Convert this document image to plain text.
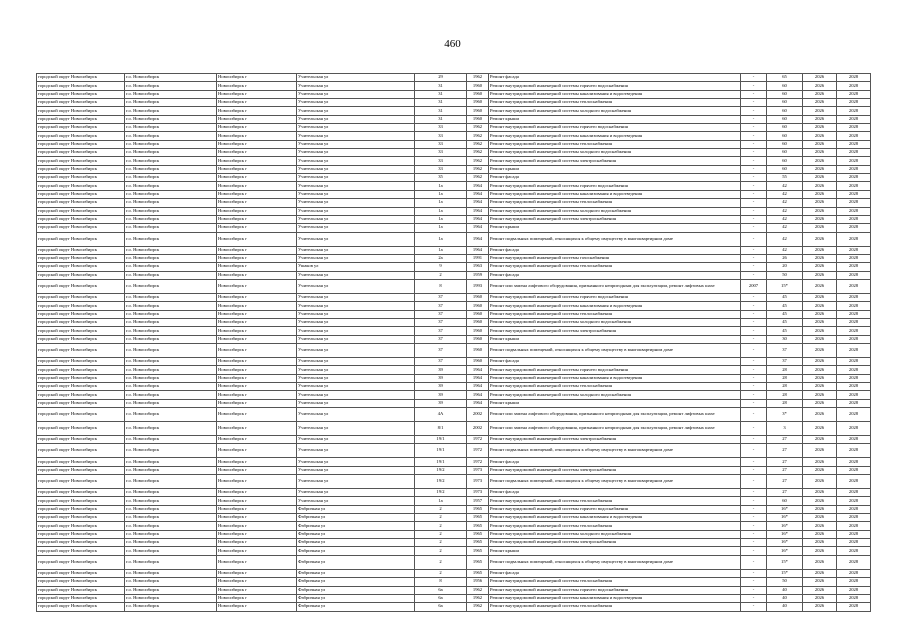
460
городской округ Новосибирск	г.о. Новосибирск	Новосибирск г	Учительская ул	29	1962	Ремонт фасада	-	65	2026	2028
городской округ Новосибирск	г.о. Новосибирск	Новосибирск г	Учительская ул	31	1960	Ремонт внутридомовой инженерной системы горячего водоснабжения	-	60	2026	2028
городской округ Новосибирск	г.о. Новосибирск	Новосибирск г	Учительская ул	31	1960	Ремонт внутридомовой инженерной системы канализования и водоотведения	-	60	2026	2028
городской округ Новосибирск	г.о. Новосибирск	Новосибирск г	Учительская ул	31	1960	Ремонт внутридомовой инженерной системы теплоснабжения	-	60	2026	2028
городской округ Новосибирск	г.о. Новосибирск	Новосибирск г	Учительская ул	31	1960	Ремонт внутридомовой инженерной системы холодного водоснабжения	-	60	2026	2028
городской округ Новосибирск	г.о. Новосибирск	Новосибирск г	Учительская ул	31	1960	Ремонт крыши	-	60	2026	2028
городской округ Новосибирск	г.о. Новосибирск	Новосибирск г	Учительская ул	33	1962	Ремонт внутридомовой инженерной системы горячего водоснабжения	-	60	2026	2028
городской округ Новосибирск	г.о. Новосибирск	Новосибирск г	Учительская ул	33	1962	Ремонт внутридомовой инженерной системы канализования и водоотведения	-	60	2026	2028
городской округ Новосибирск	г.о. Новосибирск	Новосибирск г	Учительская ул	33	1962	Ремонт внутридомовой инженерной системы теплоснабжения	-	60	2026	2028
городской округ Новосибирск	г.о. Новосибирск	Новосибирск г	Учительская ул	33	1962	Ремонт внутридомовой инженерной системы холодного водоснабжения	-	60	2026	2028
городской округ Новосибирск	г.о. Новосибирск	Новосибирск г	Учительская ул	33	1962	Ремонт внутридомовой инженерной системы электроснабжения	-	60	2026	2028
городской округ Новосибирск	г.о. Новосибирск	Новосибирск г	Учительская ул	33	1962	Ремонт крыши	-	60	2026	2028
городской округ Новосибирск	г.о. Новосибирск	Новосибирск г	Учительская ул	35	1962	Ремонт фасада	-	55	2026	2028
городской округ Новосибирск	г.о. Новосибирск	Новосибирск г	Учительская ул	1а	1964	Ремонт внутридомовой инженерной системы горячего водоснабжения	-	42	2026	2028
городской округ Новосибирск	г.о. Новосибирск	Новосибирск г	Учительская ул	1а	1964	Ремонт внутридомовой инженерной системы канализования и водоотведения	-	42	2026	2028
городской округ Новосибирск	г.о. Новосибирск	Новосибирск г	Учительская ул	1а	1964	Ремонт внутридомовой инженерной системы теплоснабжения	-	42	2026	2028
городской округ Новосибирск	г.о. Новосибирск	Новосибирск г	Учительская ул	1а	1964	Ремонт внутридомовой инженерной системы холодного водоснабжения	-	42	2026	2028
городской округ Новосибирск	г.о. Новосибирск	Новосибирск г	Учительская ул	1а	1964	Ремонт внутридомовой инженерной системы электроснабжения	-	42	2026	2028
городской округ Новосибирск	г.о. Новосибирск	Новосибирск г	Учительская ул	1а	1964	Ремонт крыши	-	42	2026	2028
городской округ Новосибирск	г.о. Новосибирск	Новосибирск г	Учительская ул	1а	1964	Ремонт подвальных помещений, относящихся к общему имуществу в многоквартирном доме	-	42	2026	2028
городской округ Новосибирск	г.о. Новосибирск	Новосибирск г	Учительская ул	1а	1964	Ремонт фасада	-	42	2026	2028
городской округ Новосибирск	г.о. Новосибирск	Новосибирск г	Учительская ул	2а	1991	Ремонт внутридомовой инженерной системы газоснабжения	-	26	2026	2028
городской округ Новосибирск	г.о. Новосибирск	Новосибирск г	Ушаков ул	9	1963	Ремонт внутридомовой инженерной системы теплоснабжения	-	20	2026	2028
городской округ Новосибирск	г.о. Новосибирск	Новосибирск г	Учительская ул	2	1959	Ремонт фасада	-	50	2026	2028
городской округ Новосибирск	г.о. Новосибирск	Новосибирск г	Учительская ул	8	1993	Ремонт или замена лифтового оборудования, признанного непригодным для эксплуатации, ремонт лифтовых шахт	2007	15*	2026	2028
городской округ Новосибирск	г.о. Новосибирск	Новосибирск г	Учительская ул	37	1960	Ремонт внутридомовой инженерной системы горячего водоснабжения	-	45	2026	2028
городской округ Новосибирск	г.о. Новосибирск	Новосибирск г	Учительская ул	37	1960	Ремонт внутридомовой инженерной системы канализования и водоотведения	-	45	2026	2028
городской округ Новосибирск	г.о. Новосибирск	Новосибирск г	Учительская ул	37	1960	Ремонт внутридомовой инженерной системы теплоснабжения	-	45	2026	2028
городской округ Новосибирск	г.о. Новосибирск	Новосибирск г	Учительская ул	37	1960	Ремонт внутридомовой инженерной системы холодного водоснабжения	-	45	2026	2028
городской округ Новосибирск	г.о. Новосибирск	Новосибирск г	Учительская ул	37	1960	Ремонт внутридомовой инженерной системы электроснабжения	-	45	2026	2028
городской округ Новосибирск	г.о. Новосибирск	Новосибирск г	Учительская ул	37	1960	Ремонт крыши	-	30	2026	2028
городской округ Новосибирск	г.о. Новосибирск	Новосибирск г	Учительская ул	37	1960	Ремонт подвальных помещений, относящихся к общему имуществу в многоквартирном доме	-	37	2026	2028
городской округ Новосибирск	г.о. Новосибирск	Новосибирск г	Учительская ул	37	1960	Ремонт фасада	-	37	2026	2028
городской округ Новосибирск	г.о. Новосибирск	Новосибирск г	Учительская ул	39	1964	Ремонт внутридомовой инженерной системы горячего водоснабжения	-	28	2026	2028
городской округ Новосибирск	г.о. Новосибирск	Новосибирск г	Учительская ул	39	1964	Ремонт внутридомовой инженерной системы канализования и водоотведения	-	28	2026	2028
городской округ Новосибирск	г.о. Новосибирск	Новосибирск г	Учительская ул	39	1964	Ремонт внутридомовой инженерной системы теплоснабжения	-	28	2026	2028
городской округ Новосибирск	г.о. Новосибирск	Новосибирск г	Учительская ул	39	1964	Ремонт внутридомовой инженерной системы холодного водоснабжения	-	28	2026	2028
городской округ Новосибирск	г.о. Новосибирск	Новосибирск г	Учительская ул	39	1964	Ремонт крыши	-	28	2026	2028
городской округ Новосибирск	г.о. Новосибирск	Новосибирск г	Учительская ул	4А	2002	Ремонт или замена лифтового оборудования, признанного непригодным для эксплуатации, ремонт лифтовых шахт	-	3*	2026	2028
городской округ Новосибирск	г.о. Новосибирск	Новосибирск г	Учительская ул	8/1	2002	Ремонт или замена лифтового оборудования, признанного непригодным для эксплуатации, ремонт лифтовых шахт	-	3	2026	2028
городской округ Новосибирск	г.о. Новосибирск	Новосибирск г	Учительская ул	19/1	1972	Ремонт внутридомовой инженерной системы электроснабжения	-	27	2026	2028
городской округ Новосибирск	г.о. Новосибирск	Новосибирск г	Учительская ул	19/1	1972	Ремонт подвальных помещений, относящихся к общему имуществу в многоквартирном доме	-	27	2026	2028
городской округ Новосибирск	г.о. Новосибирск	Новосибирск г	Учительская ул	19/1	1972	Ремонт фасада	-	27	2026	2028
городской округ Новосибирск	г.о. Новосибирск	Новосибирск г	Учительская ул	19/2	1973	Ремонт внутридомовой инженерной системы электроснабжения	-	27	2026	2028
городской округ Новосибирск	г.о. Новосибирск	Новосибирск г	Учительская ул	19/2	1973	Ремонт подвальных помещений, относящихся к общему имуществу в многоквартирном доме	-	27	2026	2028
городской округ Новосибирск	г.о. Новосибирск	Новосибирск г	Учительская ул	19/2	1973	Ремонт фасада	-	27	2026	2028
городской округ Новосибирск	г.о. Новосибирск	Новосибирск г	Учительская ул	1а	1957	Ремонт внутридомовой инженерной системы теплоснабжения	-	60	2026	2028
городской округ Новосибирск	г.о. Новосибирск	Новосибирск г	Фабричная ул	2	1965	Ремонт внутридомовой инженерной системы горячего водоснабжения	-	16*	2026	2028
городской округ Новосибирск	г.о. Новосибирск	Новосибирск г	Фабричная ул	2	1965	Ремонт внутридомовой инженерной системы канализования и водоотведения	-	16*	2026	2028
городской округ Новосибирск	г.о. Новосибирск	Новосибирск г	Фабричная ул	2	1965	Ремонт внутридомовой инженерной системы теплоснабжения	-	16*	2026	2028
городской округ Новосибирск	г.о. Новосибирск	Новосибирск г	Фабричная ул	2	1965	Ремонт внутридомовой инженерной системы холодного водоснабжения	-	16*	2026	2028
городской округ Новосибирск	г.о. Новосибирск	Новосибирск г	Фабричная ул	2	1965	Ремонт внутридомовой инженерной системы электроснабжения	-	16*	2026	2028
городской округ Новосибирск	г.о. Новосибирск	Новосибирск г	Фабричная ул	2	1965	Ремонт крыши	-	16*	2026	2028
городской округ Новосибирск	г.о. Новосибирск	Новосибирск г	Фабричная ул	2	1965	Ремонт подвальных помещений, относящихся к общему имуществу в многоквартирном доме	-	15*	2026	2028
городской округ Новосибирск	г.о. Новосибирск	Новосибирск г	Фабричная ул	2	1965	Ремонт фасада	-	15*	2026	2028
городской округ Новосибирск	г.о. Новосибирск	Новосибирск г	Фабричная ул	8	1956	Ремонт внутридомовой инженерной системы теплоснабжения	-	50	2026	2028
городской округ Новосибирск	г.о. Новосибирск	Новосибирск г	Фабричная ул	6а	1962	Ремонт внутридомовой инженерной системы горячего водоснабжения	-	40	2026	2028
городской округ Новосибирск	г.о. Новосибирск	Новосибирск г	Фабричная ул	6а	1962	Ремонт внутридомовой инженерной системы канализования и водоотведения	-	40	2026	2028
городской округ Новосибирск	г.о. Новосибирск	Новосибирск г	Фабричная ул	6а	1962	Ремонт внутридомовой инженерной системы теплоснабжения	-	40	2026	2028
